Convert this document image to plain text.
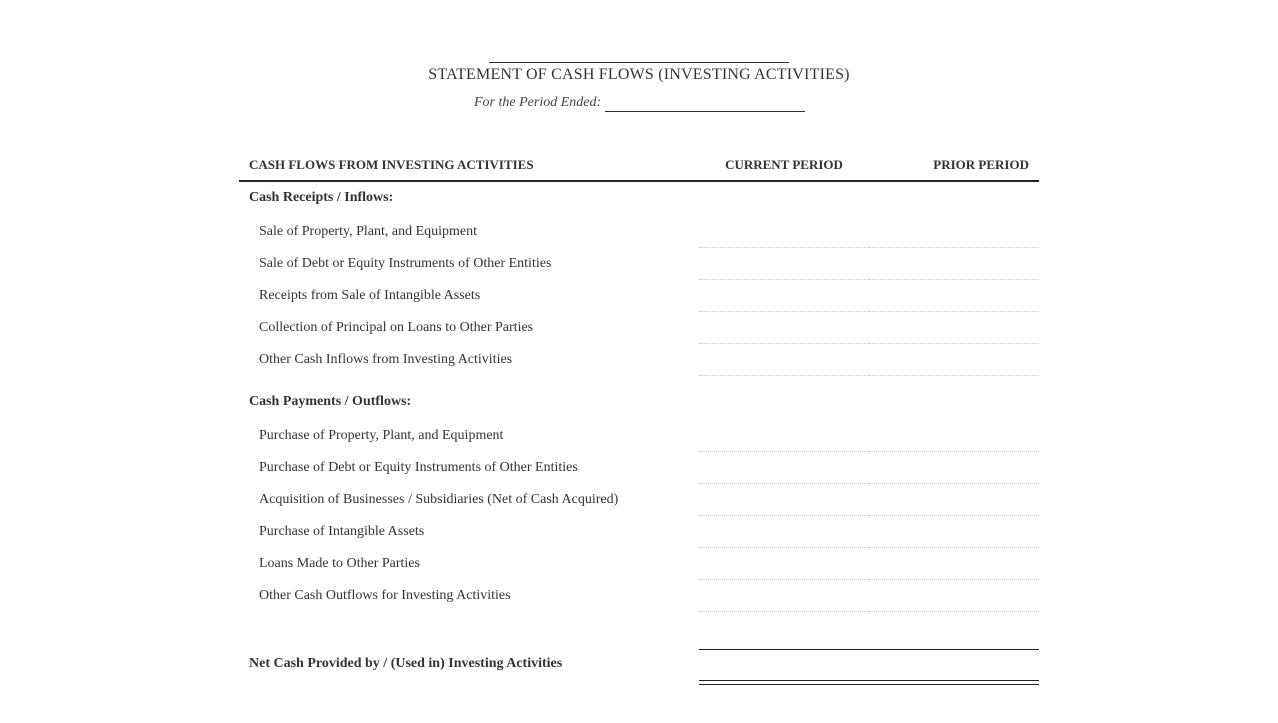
STATEMENT OF CASH FLOWS (INVESTING ACTIVITIES)
For the Period Ended:
CASH FLOWS FROM INVESTING ACTIVITIES	CURRENT PERIOD	PRIOR PERIOD
Cash Receipts / Inflows:
Sale of Property, Plant, and Equipment
Sale of Debt or Equity Instruments of Other Entities
Receipts from Sale of Intangible Assets
Collection of Principal on Loans to Other Parties
Other Cash Inflows from Investing Activities
Cash Payments / Outflows:
Purchase of Property, Plant, and Equipment
Purchase of Debt or Equity Instruments of Other Entities
Acquisition of Businesses / Subsidiaries (Net of Cash Acquired)
Purchase of Intangible Assets
Loans Made to Other Parties
Other Cash Outflows for Investing Activities
Net Cash Provided by / (Used in) Investing Activities
